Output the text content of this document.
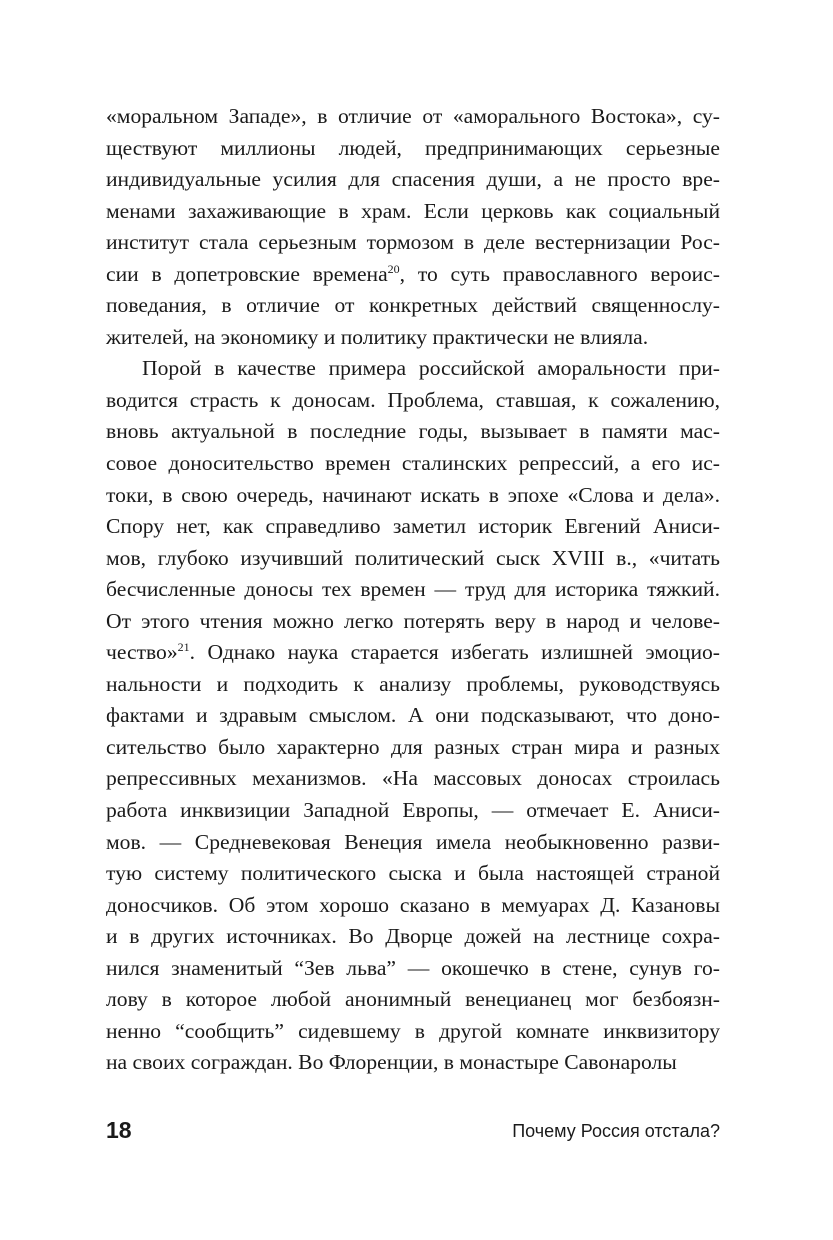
«моральном Западе», в отличие от «аморального Востока», су-
ществуют миллионы людей, предпринимающих серьезные
индивидуальные усилия для спасения души, а не просто вре-
менами захаживающие в храм. Если церковь как социальный
институт стала серьезным тормозом в деле вестернизации Рос-
сии в допетровские времена$^{20}$, то суть православного вероис-
поведания, в отличие от конкретных действий священнослу-
жителей, на экономику и политику практически не влияла.
Порой в качестве примера российской аморальности при-
водится страсть к доносам. Проблема, ставшая, к сожалению,
вновь актуальной в последние годы, вызывает в памяти мас-
совое доносительство времен сталинских репрессий, а его ис-
токи, в свою очередь, начинают искать в эпохе «Слова и дела».
Спору нет, как справедливо заметил историк Евгений Аниси-
мов, глубоко изучивший политический сыск XVIII в., «читать
бесчисленные доносы тех времен — труд для историка тяжкий.
От этого чтения можно легко потерять веру в народ и челове-
чество»$^{21}$. Однако наука старается избегать излишней эмоцио-
нальности и подходить к анализу проблемы, руководствуясь
фактами и здравым смыслом. А они подсказывают, что доно-
сительство было характерно для разных стран мира и разных
репрессивных механизмов. «На массовых доносах строилась
работа инквизиции Западной Европы, — отмечает Е. Аниси-
мов. — Средневековая Венеция имела необыкновенно разви-
тую систему политического сыска и была настоящей страной
доносчиков. Об этом хорошо сказано в мемуарах Д. Казановы
и в других источниках. Во Дворце дожей на лестнице сохра-
нился знаменитый “Зев льва” — окошечко в стене, сунув го-
лову в которое любой анонимный венецианец мог безбоязн-
ненно “сообщить” сидевшему в другой комнате инквизитору
на своих сограждан. Во Флоренции, в монастыре Савонаролы
18	Почему Россия отстала?
